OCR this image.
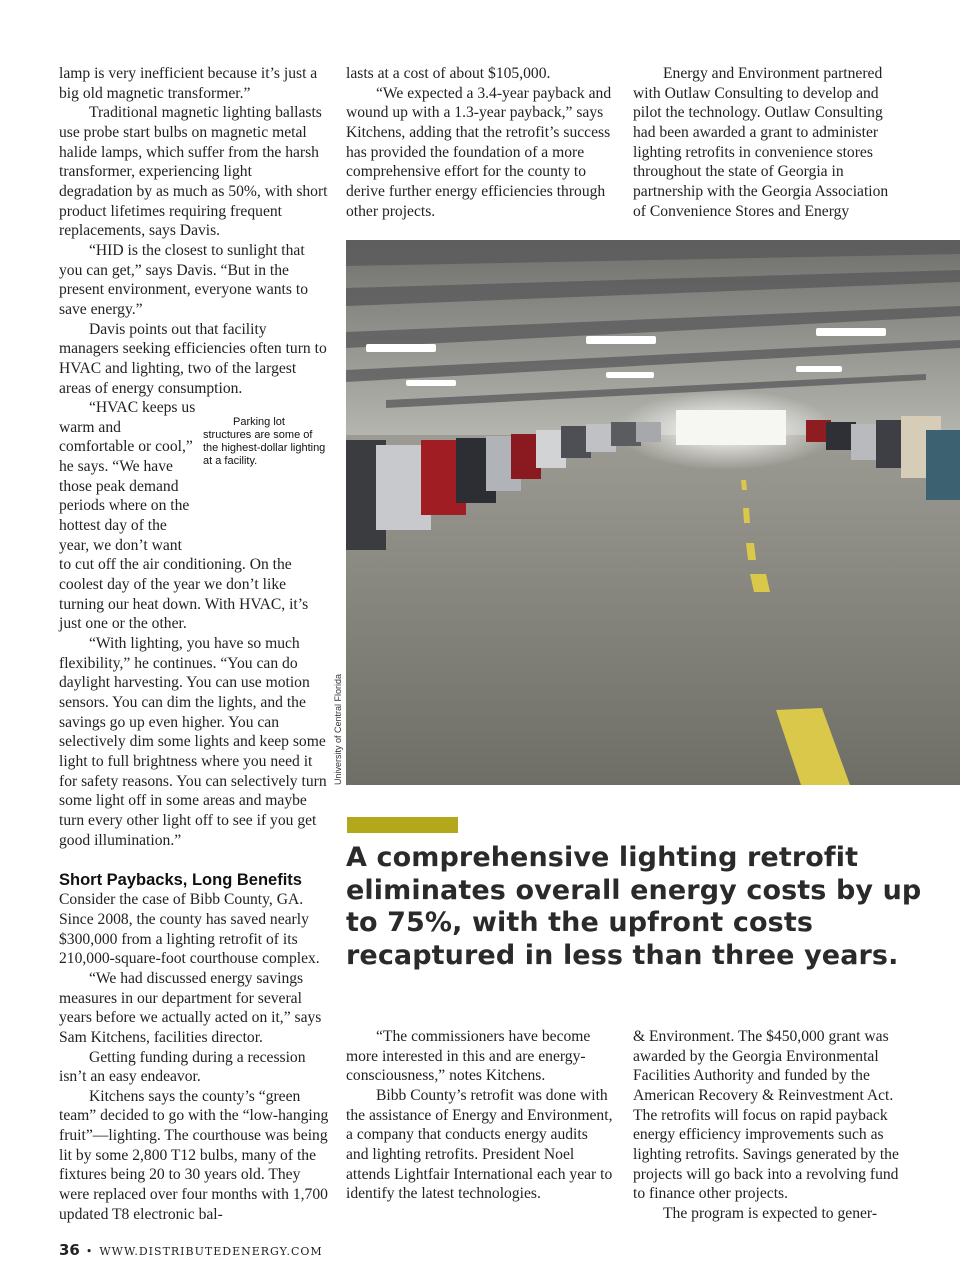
lamp is very inefficient because it’s just a big old magnetic transformer.”

Traditional magnetic lighting ballasts use probe start bulbs on magnetic metal halide lamps, which suffer from the harsh transformer, experiencing light degradation by as much as 50%, with short product lifetimes requiring frequent replacements, says Davis.

“HID is the closest to sunlight that you can get,” says Davis. “But in the present environment, everyone wants to save energy.”

Davis points out that facility managers seeking efficiencies often turn to HVAC and lighting, two of the largest areas of energy consumption.

Parking lot structures are some of the highest-dollar lighting at a facility.
“HVAC keeps us warm and comfortable or cool,” he says. “We have those peak demand periods where on the hottest day of the year, we don’t want to cut off the air conditioning. On the coolest day of the year we don’t like turning our heat down. With HVAC, it’s just one or the other.

“With lighting, you have so much flexibility,” he continues. “You can do daylight harvesting. You can use motion sensors. You can dim the lights, and the savings go up even higher. You can selectively dim some lights and keep some light to full brightness where you need it for safety reasons. You can selectively turn some light off in some areas and maybe turn every other light off to see if you get good illumination.”

Short Paybacks, Long Benefits

Consider the case of Bibb County, GA. Since 2008, the county has saved nearly $300,000 from a lighting retrofit of its 210,000-square-foot courthouse complex.

“We had discussed energy savings measures in our department for several years before we actually acted on it,” says Sam Kitchens, facilities director.

Getting funding during a recession isn’t an easy endeavor.

Kitchens says the county’s “green team” decided to go with the “low-hanging fruit”—lighting. The courthouse was being lit by some 2,800 T12 bulbs, many of the fixtures being 20 to 30 years old. They were replaced over four months with 1,700 updated T8 electronic bal-

lasts at a cost of about $105,000.

“We expected a 3.4-year payback and wound up with a 1.3-year payback,” says Kitchens, adding that the retrofit’s success has provided the foundation of a more comprehensive effort for the county to derive further energy efficiencies through other projects.

Energy and Environment partnered with Outlaw Consulting to develop and pilot the technology. Outlaw Consulting had been awarded a grant to administer lighting retrofits in convenience stores throughout the state of Georgia in partnership with the Georgia Association of Convenience Stores and Energy

University of Central Florida
A comprehensive lighting retrofit eliminates overall energy costs by up to 75%, with the upfront costs recaptured in less than three years.

“The commissioners have become more interested in this and are energy-consciousness,” notes Kitchens.

Bibb County’s retrofit was done with the assistance of Energy and Environment, a company that conducts energy audits and lighting retrofits. President Noel attends Lightfair International each year to identify the latest technologies.

& Environment. The $450,000 grant was awarded by the Georgia Environmental Facilities Authority and funded by the American Recovery & Reinvestment Act. The retrofits will focus on rapid payback energy efficiency improvements such as lighting retrofits. Savings generated by the projects will go back into a revolving fund to finance other projects.

The program is expected to gener-

36 • WWW.DISTRIBUTEDENERGY.COM
